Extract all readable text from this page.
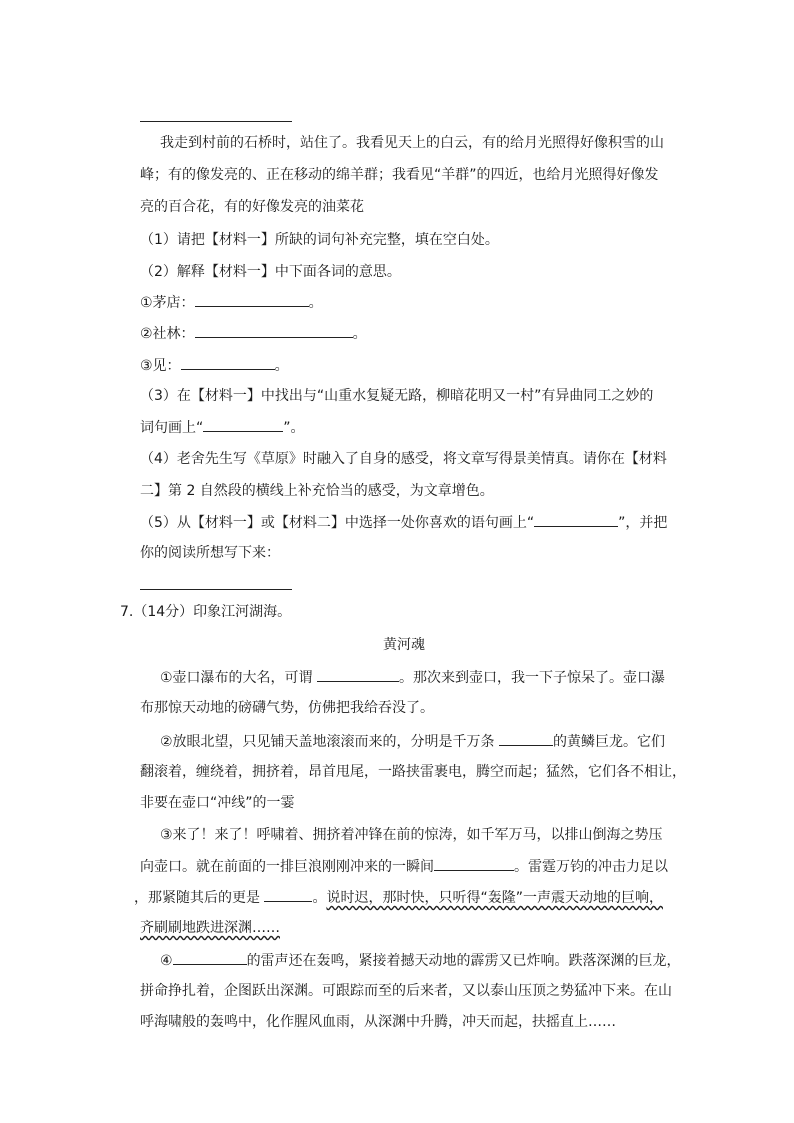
我走到村前的石桥时，站住了。我看见天上的白云，有的给月光照得好像积雪的山
峰；有的像发亮的、正在移动的绵羊群；我看见“羊群”的四近，也给月光照得好像发
亮的百合花，有的好像发亮的油菜花
（1）请把【材料一】所缺的词句补充完整，填在空白处。
（2）解释【材料一】中下面各词的意思。
①茅店：	。
②社林：	。
③见：	。
（3）在【材料一】中找出与“山重水复疑无路，柳暗花明又一村”有异曲同工之妙的
词句画上“	”。
（4）老舍先生写《草原》时融入了自身的感受，将文章写得景美情真。请你在【材料
二】第 2 自然段的横线上补充恰当的感受，为文章增色。
（5）从【材料一】或【材料二】中选择一处你喜欢的语句画上“	”，并把
你的阅读所想写下来：
7.（14分）印象江河湖海。
黄河魂
①壶口瀑布的大名，可谓	。那次来到壶口，我一下子惊呆了。壶口瀑
布那惊天动地的磅礴气势，仿佛把我给吞没了。
②放眼北望，只见铺天盖地滚滚而来的，分明是千万条	的黄鳞巨龙。它们
翻滚着，缠绕着，拥挤着，昂首甩尾，一路挟雷裹电，腾空而起；猛然，它们各不相让，
非要在壶口“冲线”的一霎
③来了！来了！呼啸着、拥挤着冲锋在前的惊涛，如千军万马，以排山倒海之势压
向壶口。就在前面的一排巨浪刚刚冲来的一瞬间	。雷霆万钧的冲击力足以
，那紧随其后的更是	。说时迟，那时快，只听得“轰隆”一声震天动地的巨响，
齐刷刷地跌进深渊……
④	的雷声还在轰鸣，紧接着撼天动地的霹雳又已炸响。跌落深渊的巨龙，
拼命挣扎着，企图跃出深渊。可跟踪而至的后来者，又以泰山压顶之势猛冲下来。在山
呼海啸般的轰鸣中，化作腥风血雨，从深渊中升腾，冲天而起，扶摇直上……
